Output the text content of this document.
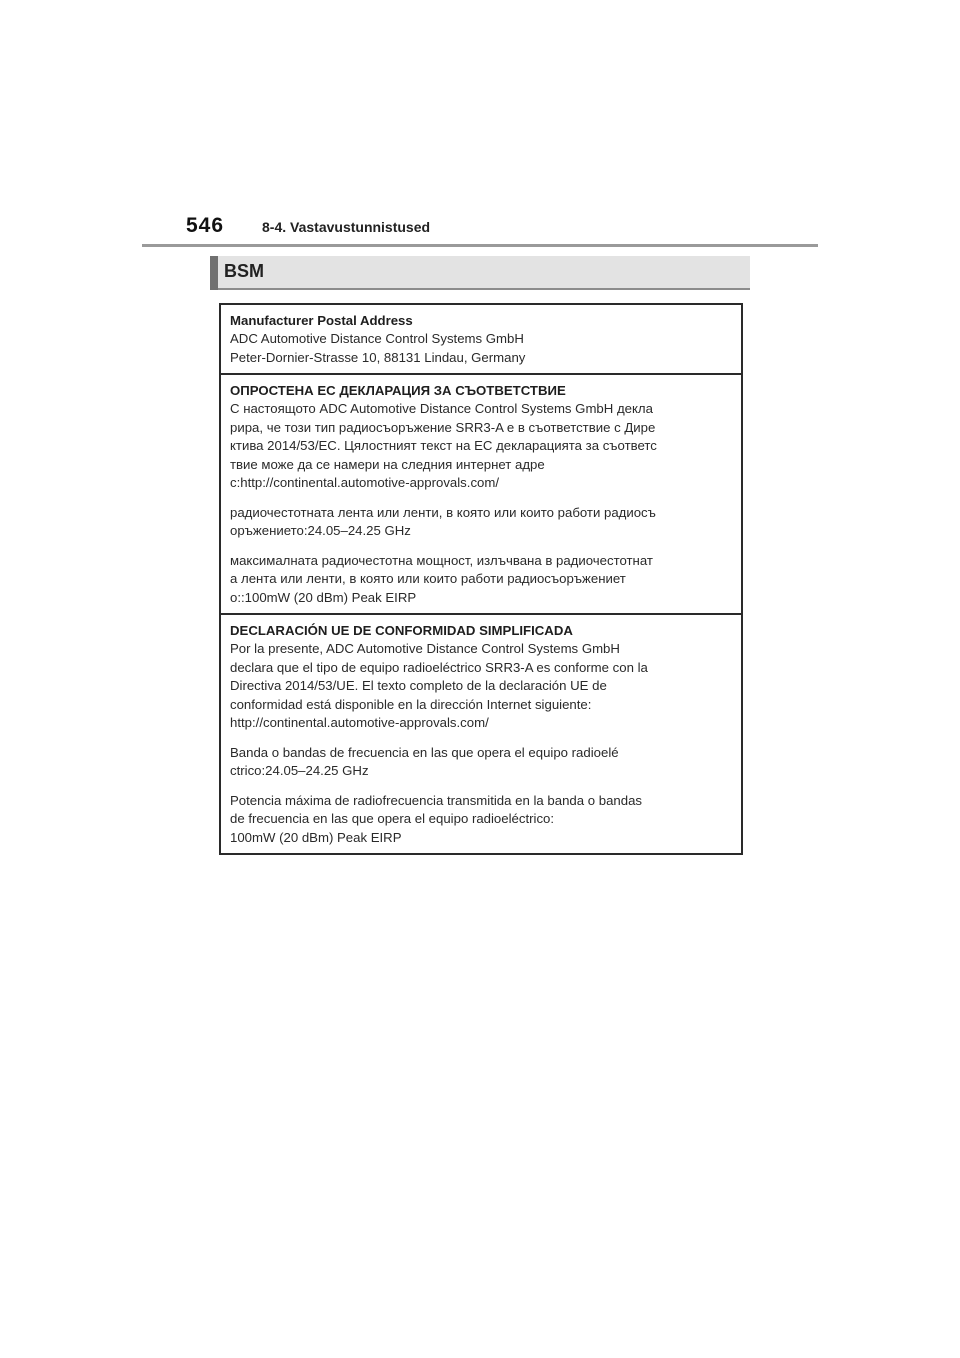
546	8-4. Vastavustunnistused
BSM
Manufacturer Postal Address
ADC Automotive Distance Control Systems GmbH
Peter-Dornier-Strasse 10, 88131 Lindau, Germany
ОПРОСТЕНА ЕС ДЕКЛАРАЦИЯ ЗА СЪОТВЕТСТВИЕ
С настоящото ADC Automotive Distance Control Systems GmbH декла
рира, че този тип радиосъоръжение SRR3-A е в съответствие с Дире
ктива 2014/53/ЕС. Цялостният текст на ЕС декларацията за съответс
твие може да се намери на следния интернет адре
с:http://continental.automotive-approvals.com/
радиочестотната лента или ленти, в която или които работи радиосъ
оръжението:24.05–24.25 GHz
максималната радиочестотна мощност, излъчвана в радиочестотнат
а лента или ленти, в която или които работи радиосъоръжениет
о::100mW (20 dBm) Peak EIRP
DECLARACIÓN UE DE CONFORMIDAD SIMPLIFICADA
Por la presente, ADC Automotive Distance Control Systems GmbH
declara que el tipo de equipo radioeléctrico SRR3-A es conforme con la
Directiva 2014/53/UE. El texto completo de la declaración UE de
conformidad está disponible en la dirección Internet siguiente:
http://continental.automotive-approvals.com/
Banda o bandas de frecuencia en las que opera el equipo radioelé
ctrico:24.05–24.25 GHz
Potencia máxima de radiofrecuencia transmitida en la banda o bandas
de frecuencia en las que opera el equipo radioeléctrico:
100mW (20 dBm) Peak EIRP
